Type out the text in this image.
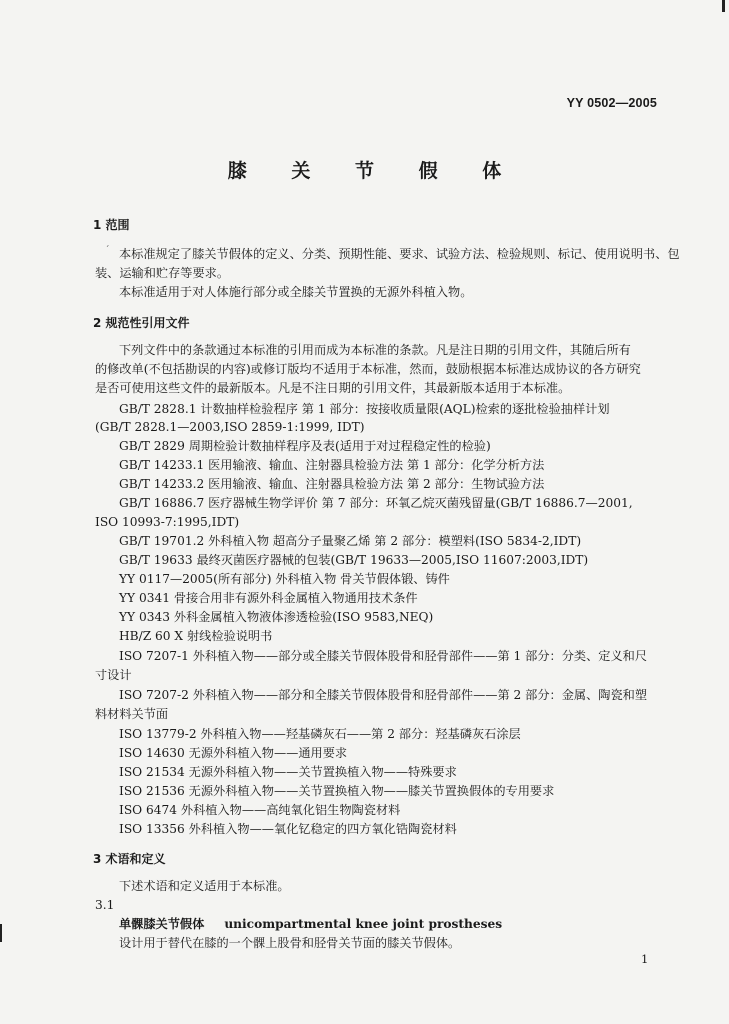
ˊ
YY 0502—2005
膝 关 节 假 体
1 范围
本标准规定了膝关节假体的定义、分类、预期性能、要求、试验方法、检验规则、标记、使用说明书、包
装、运输和贮存等要求。
本标准适用于对人体施行部分或全膝关节置换的无源外科植入物。
2 规范性引用文件
下列文件中的条款通过本标准的引用而成为本标准的条款。凡是注日期的引用文件，其随后所有
的修改单(不包括勘误的内容)或修订版均不适用于本标准，然而，鼓励根据本标准达成协议的各方研究
是否可使用这些文件的最新版本。凡是不注日期的引用文件，其最新版本适用于本标准。
GB/T 2828.1 计数抽样检验程序 第 1 部分：按接收质量限(AQL)检索的逐批检验抽样计划
(GB/T 2828.1—2003,ISO 2859-1:1999, IDT)
GB/T 2829 周期检验计数抽样程序及表(适用于对过程稳定性的检验)
GB/T 14233.1 医用输液、输血、注射器具检验方法 第 1 部分：化学分析方法
GB/T 14233.2 医用输液、输血、注射器具检验方法 第 2 部分：生物试验方法
GB/T 16886.7 医疗器械生物学评价 第 7 部分：环氧乙烷灭菌残留量(GB/T 16886.7—2001,
ISO 10993-7:1995,IDT)
GB/T 19701.2 外科植入物 超高分子量聚乙烯 第 2 部分：模塑料(ISO 5834-2,IDT)
GB/T 19633 最终灭菌医疗器械的包装(GB/T 19633—2005,ISO 11607:2003,IDT)
YY 0117—2005(所有部分) 外科植入物 骨关节假体锻、铸件
YY 0341 骨接合用非有源外科金属植入物通用技术条件
YY 0343 外科金属植入物液体渗透检验(ISO 9583,NEQ)
HB/Z 60 X 射线检验说明书
ISO 7207-1 外科植入物——部分或全膝关节假体股骨和胫骨部件——第 1 部分：分类、定义和尺
寸设计
ISO 7207-2 外科植入物——部分和全膝关节假体股骨和胫骨部件——第 2 部分：金属、陶瓷和塑
料材料关节面
ISO 13779-2 外科植入物——羟基磷灰石——第 2 部分：羟基磷灰石涂层
ISO 14630 无源外科植入物——通用要求
ISO 21534 无源外科植入物——关节置换植入物——特殊要求
ISO 21536 无源外科植入物——关节置换植入物——膝关节置换假体的专用要求
ISO 6474 外科植入物——高纯氧化铝生物陶瓷材料
ISO 13356 外科植入物——氧化钇稳定的四方氧化锆陶瓷材料
3 术语和定义
下述术语和定义适用于本标准。
3.1
单髁膝关节假体 unicompartmental knee joint prostheses
设计用于替代在膝的一个髁上股骨和胫骨关节面的膝关节假体。
1
